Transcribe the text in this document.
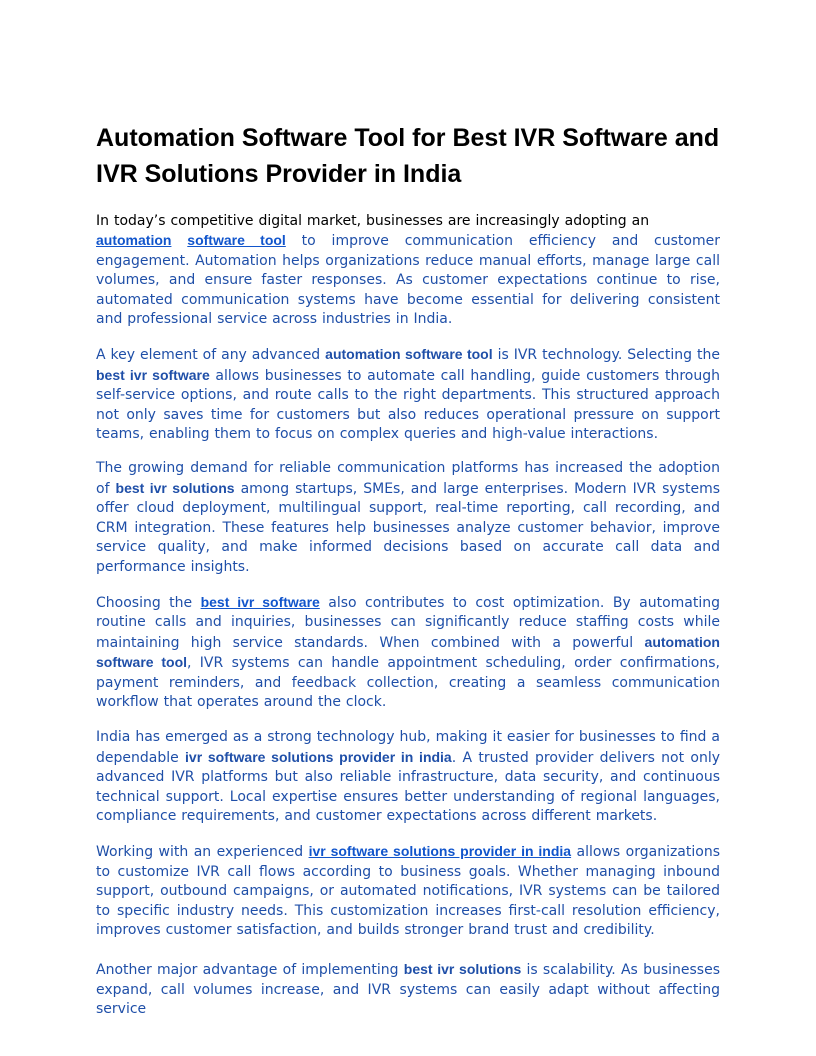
Automation Software Tool for Best IVR Software and IVR Solutions Provider in India

In today’s competitive digital market, businesses are increasingly adopting an
automation software tool to improve communication efficiency and customer engagement. Automation helps organizations reduce manual efforts, manage large call volumes, and ensure faster responses. As customer expectations continue to rise, automated communication systems have become essential for delivering consistent and professional service across industries in India.

A key element of any advanced automation software tool is IVR technology. Selecting the best ivr software allows businesses to automate call handling, guide customers through self-service options, and route calls to the right departments. This structured approach not only saves time for customers but also reduces operational pressure on support teams, enabling them to focus on complex queries and high-value interactions.

The growing demand for reliable communication platforms has increased the adoption of best ivr solutions among startups, SMEs, and large enterprises. Modern IVR systems offer cloud deployment, multilingual support, real-time reporting, call recording, and CRM integration. These features help businesses analyze customer behavior, improve service quality, and make informed decisions based on accurate call data and performance insights.

Choosing the best ivr software also contributes to cost optimization. By automating routine calls and inquiries, businesses can significantly reduce staffing costs while maintaining high service standards. When combined with a powerful automation software tool, IVR systems can handle appointment scheduling, order confirmations, payment reminders, and feedback collection, creating a seamless communication workflow that operates around the clock.

India has emerged as a strong technology hub, making it easier for businesses to find a dependable ivr software solutions provider in india. A trusted provider delivers not only advanced IVR platforms but also reliable infrastructure, data security, and continuous technical support. Local expertise ensures better understanding of regional languages, compliance requirements, and customer expectations across different markets.

Working with an experienced ivr software solutions provider in india allows organizations to customize IVR call flows according to business goals. Whether managing inbound support, outbound campaigns, or automated notifications, IVR systems can be tailored to specific industry needs. This customization increases first-call resolution efficiency, improves customer satisfaction, and builds stronger brand trust and credibility.

Another major advantage of implementing best ivr solutions is scalability. As businesses expand, call volumes increase, and IVR systems can easily adapt without affecting service
